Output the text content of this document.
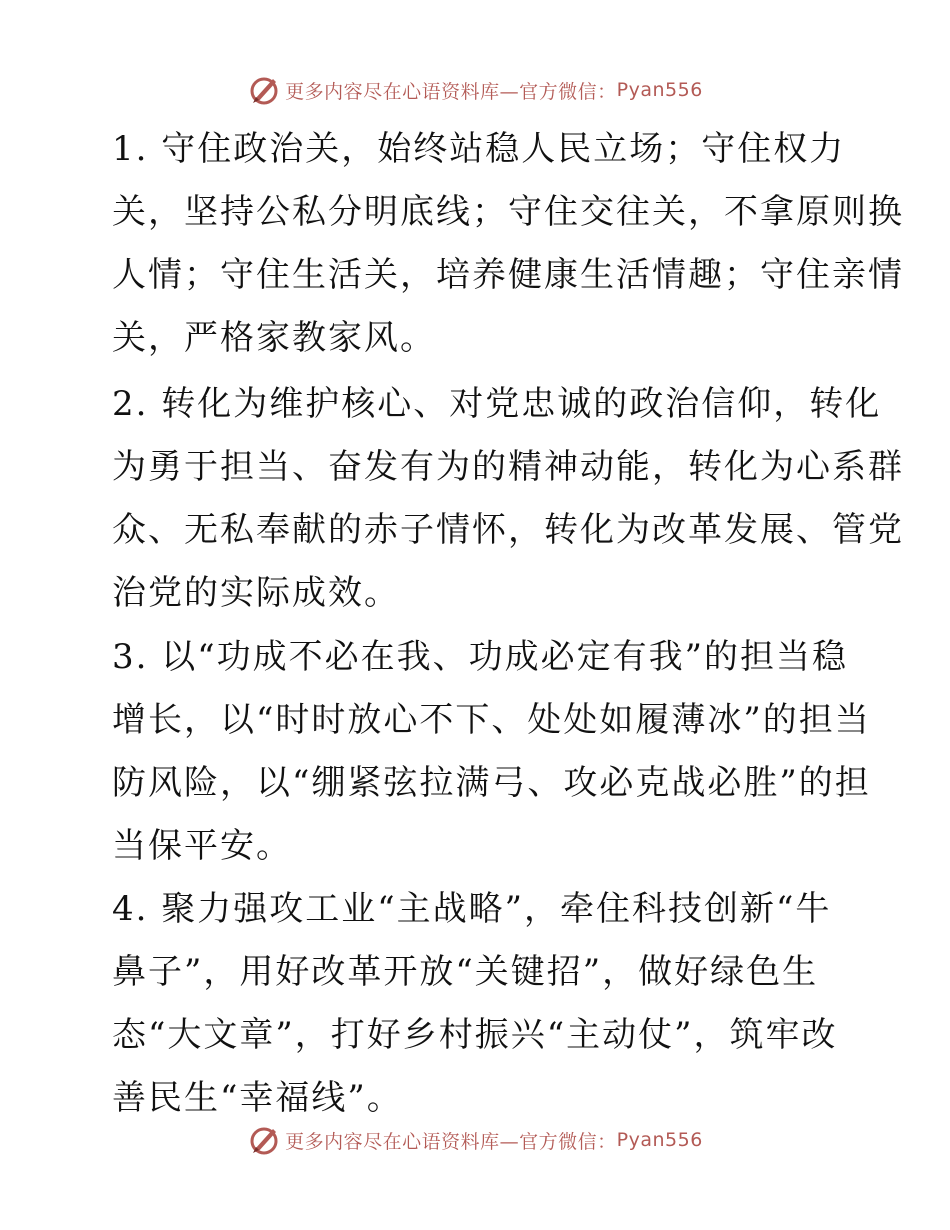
更多内容尽在心语资料库—官方微信： Pyan556
1. 守住政治关，始终站稳人民立场；守住权力
关，坚持公私分明底线；守住交往关，不拿原则换
人情；守住生活关，培养健康生活情趣；守住亲情
关，严格家教家风。
2. 转化为维护核心、对党忠诚的政治信仰，转化
为勇于担当、奋发有为的精神动能，转化为心系群
众、无私奉献的赤子情怀，转化为改革发展、管党
治党的实际成效。
3. 以“功成不必在我、功成必定有我”的担当稳
增长，以“时时放心不下、处处如履薄冰”的担当
防风险，以“绷紧弦拉满弓、攻必克战必胜”的担
当保平安。
4. 聚力强攻工业“主战略”，牵住科技创新“牛
鼻子”，用好改革开放“关键招”，做好绿色生
态“大文章”，打好乡村振兴“主动仗”，筑牢改
善民生“幸福线”。
更多内容尽在心语资料库—官方微信： Pyan556
